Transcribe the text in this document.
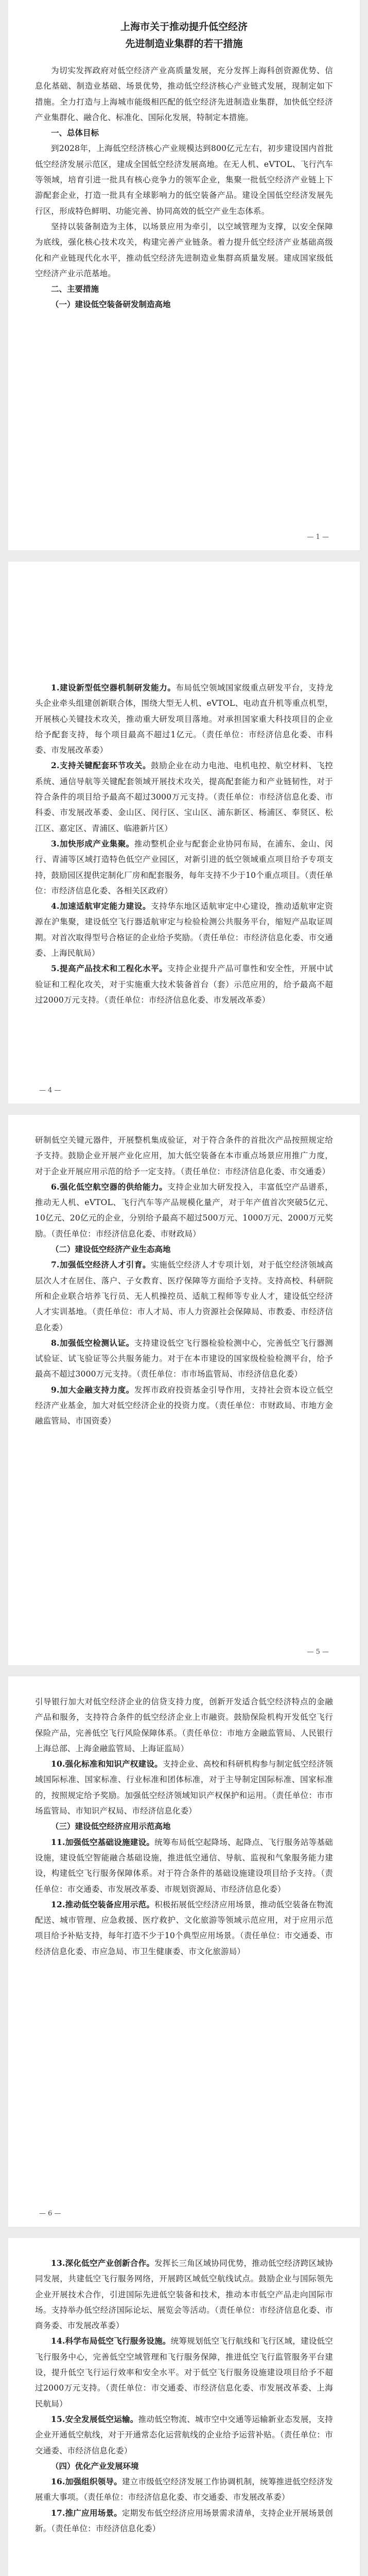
上海市关于推动提升低空经济
先进制造业集群的若干措施

为切实发挥政府对低空经济产业高质量发展，充分发挥上海科创资源优势、信息化基础、制造业基础、场景优势，推动低空经济核心产业链式发展，现制定如下措施。全力打造与上海城市能级相匹配的低空经济先进制造业集群，加快低空经济产业集群化、融合化、标准化、国际化发展，特制定本措施。

一、总体目标

到2028年，上海低空经济核心产业规模达到800亿元左右，初步建设国内首批低空经济发展示范区，建成全国低空经济发展高地。在无人机、eVTOL、飞行汽车等领域，培育引进一批具有核心竞争力的领军企业，集聚一批低空经济产业链上下游配套企业，打造一批具有全球影响力的低空装备产品。建设全国低空经济发展先行区，形成特色鲜明、功能完善、协同高效的低空产业生态体系。

坚持以装备制造为主体，以场景应用为牵引，以空域管理为支撑，以安全保障为底线，强化核心技术攻关，构建完善产业链条。着力提升低空经济产业基础高级化和产业链现代化水平，推动低空经济先进制造业集群高质量发展。建成国家级低空经济产业示范基地。

二、主要措施

（一）建设低空装备研发制造高地

— 1 —

1.建设新型低空器机制研发能力。布局低空领域国家级重点研发平台，支持龙头企业牵头组建创新联合体，围绕大型无人机、eVTOL、电动直升机等重点机型，开展核心关键技术攻关，推动重大研发项目落地。对承担国家重大科技项目的企业给予配套支持，每个项目最高不超过1亿元。（责任单位：市经济信息化委、市科委、市发展改革委）

2.支持关键配套环节攻关。鼓励企业在动力电池、电机电控、航空材料、飞控系统、通信导航等关键配套领域开展技术攻关，提高配套能力和产业链韧性，对于符合条件的项目给予最高不超过3000万元支持。（责任单位：市经济信息化委、市科委、市发展改革委、金山区、闵行区、宝山区、浦东新区、杨浦区、奉贤区、松江区、嘉定区、青浦区、临港新片区）

3.加快形成产业集聚。推动整机企业与配套企业协同布局，在浦东、金山、闵行、青浦等区域打造特色低空产业园区，对新引进的低空领域重点项目给予专项支持，鼓励园区提供定制化厂房和配套服务，每年支持不少于10个重点项目。（责任单位：市经济信息化委、各相关区政府）

4.加速适航审定能力建设。支持华东地区适航审定中心建设，推动适航审定资源在沪集聚，建设低空飞行器适航审定与检验检测公共服务平台，缩短产品取证周期。对首次取得型号合格证的企业给予奖励。（责任单位：市经济信息化委、市交通委、上海民航局）

5.提高产品技术和工程化水平。支持企业提升产品可靠性和安全性，开展中试验证和工程化攻关，对于实施重大技术装备首台（套）示范应用的，给予最高不超过2000万元支持。（责任单位：市经济信息化委、市发展改革委）

— 4 —

研制低空关键元器件，开展整机集成验证，对于符合条件的首批次产品按照规定给予支持。鼓励企业开展产业化应用，加大低空装备在本市重点场景应用推广力度，对于企业开展应用示范的给予一定支持。（责任单位：市经济信息化委、市交通委）

6.强化低空航空器的供给能力。支持企业加大研发投入，丰富低空产品谱系，推动无人机、eVTOL、飞行汽车等产品规模化量产，对于年产值首次突破5亿元、10亿元、20亿元的企业，分别给予最高不超过500万元、1000万元、2000万元奖励。（责任单位：市经济信息化委、市财政局）

（二）建设低空经济产业生态高地

7.加强低空经济人才引育。实施低空经济人才专项计划，对于低空经济领域高层次人才在居住、落户、子女教育、医疗保障等方面给予支持。支持高校、科研院所和企业联合培养飞行员、无人机操控员、适航工程师等专业人才，建设低空经济人才实训基地。（责任单位：市人才局、市人力资源社会保障局、市教委、市经济信息化委）

8.加强低空检测认证。支持建设低空飞行器检验检测中心，完善低空飞行器测试验证、试飞验证等公共服务能力。对于在本市建设的国家级检验检测平台，给予最高不超过3000万元支持。（责任单位：市市场监管局、市经济信息化委）

9.加大金融支持力度。发挥市政府投资基金引导作用，支持社会资本设立低空经济产业基金，加大对低空经济企业的投资力度。（责任单位：市财政局、市地方金融监管局、市国资委）

— 5 —

引导银行加大对低空经济企业的信贷支持力度，创新开发适合低空经济特点的金融产品和服务，支持符合条件的低空经济企业上市融资。鼓励保险机构开发低空飞行保险产品，完善低空飞行风险保障体系。（责任单位：市地方金融监管局、人民银行上海总部、上海金融监管局、上海证监局）

10.强化标准和知识产权建设。支持企业、高校和科研机构参与制定低空经济领域国际标准、国家标准、行业标准和团体标准，对于主导制定国际标准、国家标准的，按照规定给予奖励。加强低空经济领域知识产权保护和运用。（责任单位：市市场监管局、市知识产权局、市经济信息化委）

（三）建设低空经济应用示范高地

11.加强低空基础设施建设。统筹布局低空起降场、起降点、飞行服务站等基础设施，建设低空智能融合基础设施，推进低空通信、导航、监视和气象服务能力建设，构建低空飞行服务保障体系。对于符合条件的基础设施建设项目给予支持。（责任单位：市交通委、市发展改革委、市规划资源局、市经济信息化委）

12.推动低空装备应用示范。积极拓展低空经济应用场景，推动低空装备在物流配送、城市管理、应急救援、医疗救护、文化旅游等领域示范应用，对于应用示范项目给予补贴支持，每年打造不少于10个典型应用场景。（责任单位：市交通委、市经济信息化委、市应急局、市卫生健康委、市文化旅游局）

— 6 —

13.深化低空产业创新合作。发挥长三角区域协同优势，推动低空经济跨区域协同发展，共建低空飞行服务网络，开展跨区域低空航线试点。鼓励企业与国际领先企业开展技术合作，引进国际先进低空装备和技术，推动本市低空产品走向国际市场。支持举办低空经济国际论坛、展览会等活动。（责任单位：市经济信息化委、市商务委、市发展改革委）

14.科学布局低空飞行服务设施。统筹规划低空飞行航线和飞行区域，建设低空飞行服务中心，完善低空空域管理和飞行服务保障，推进低空飞行监管服务平台建设，提升低空飞行运行效率和安全水平。对于低空飞行服务设施建设项目给予不超过2000万元支持。（责任单位：市交通委、市经济信息化委、市发展改革委、上海民航局）

15.安全发展低空运输。推动低空物流、城市空中交通等运输新业态发展，支持企业开通低空航线，对于开通常态化运营航线的企业给予运营补贴。（责任单位：市交通委、市经济信息化委）

（四）优化产业发展环境

16.加强组织领导。建立市级低空经济发展工作协调机制，统筹推进低空经济发展重大事项。（责任单位：市经济信息化委、市交通委、市发展改革委）

17.推广应用场景。定期发布低空经济应用场景需求清单，支持企业开展场景创新。（责任单位：市经济信息化委）
